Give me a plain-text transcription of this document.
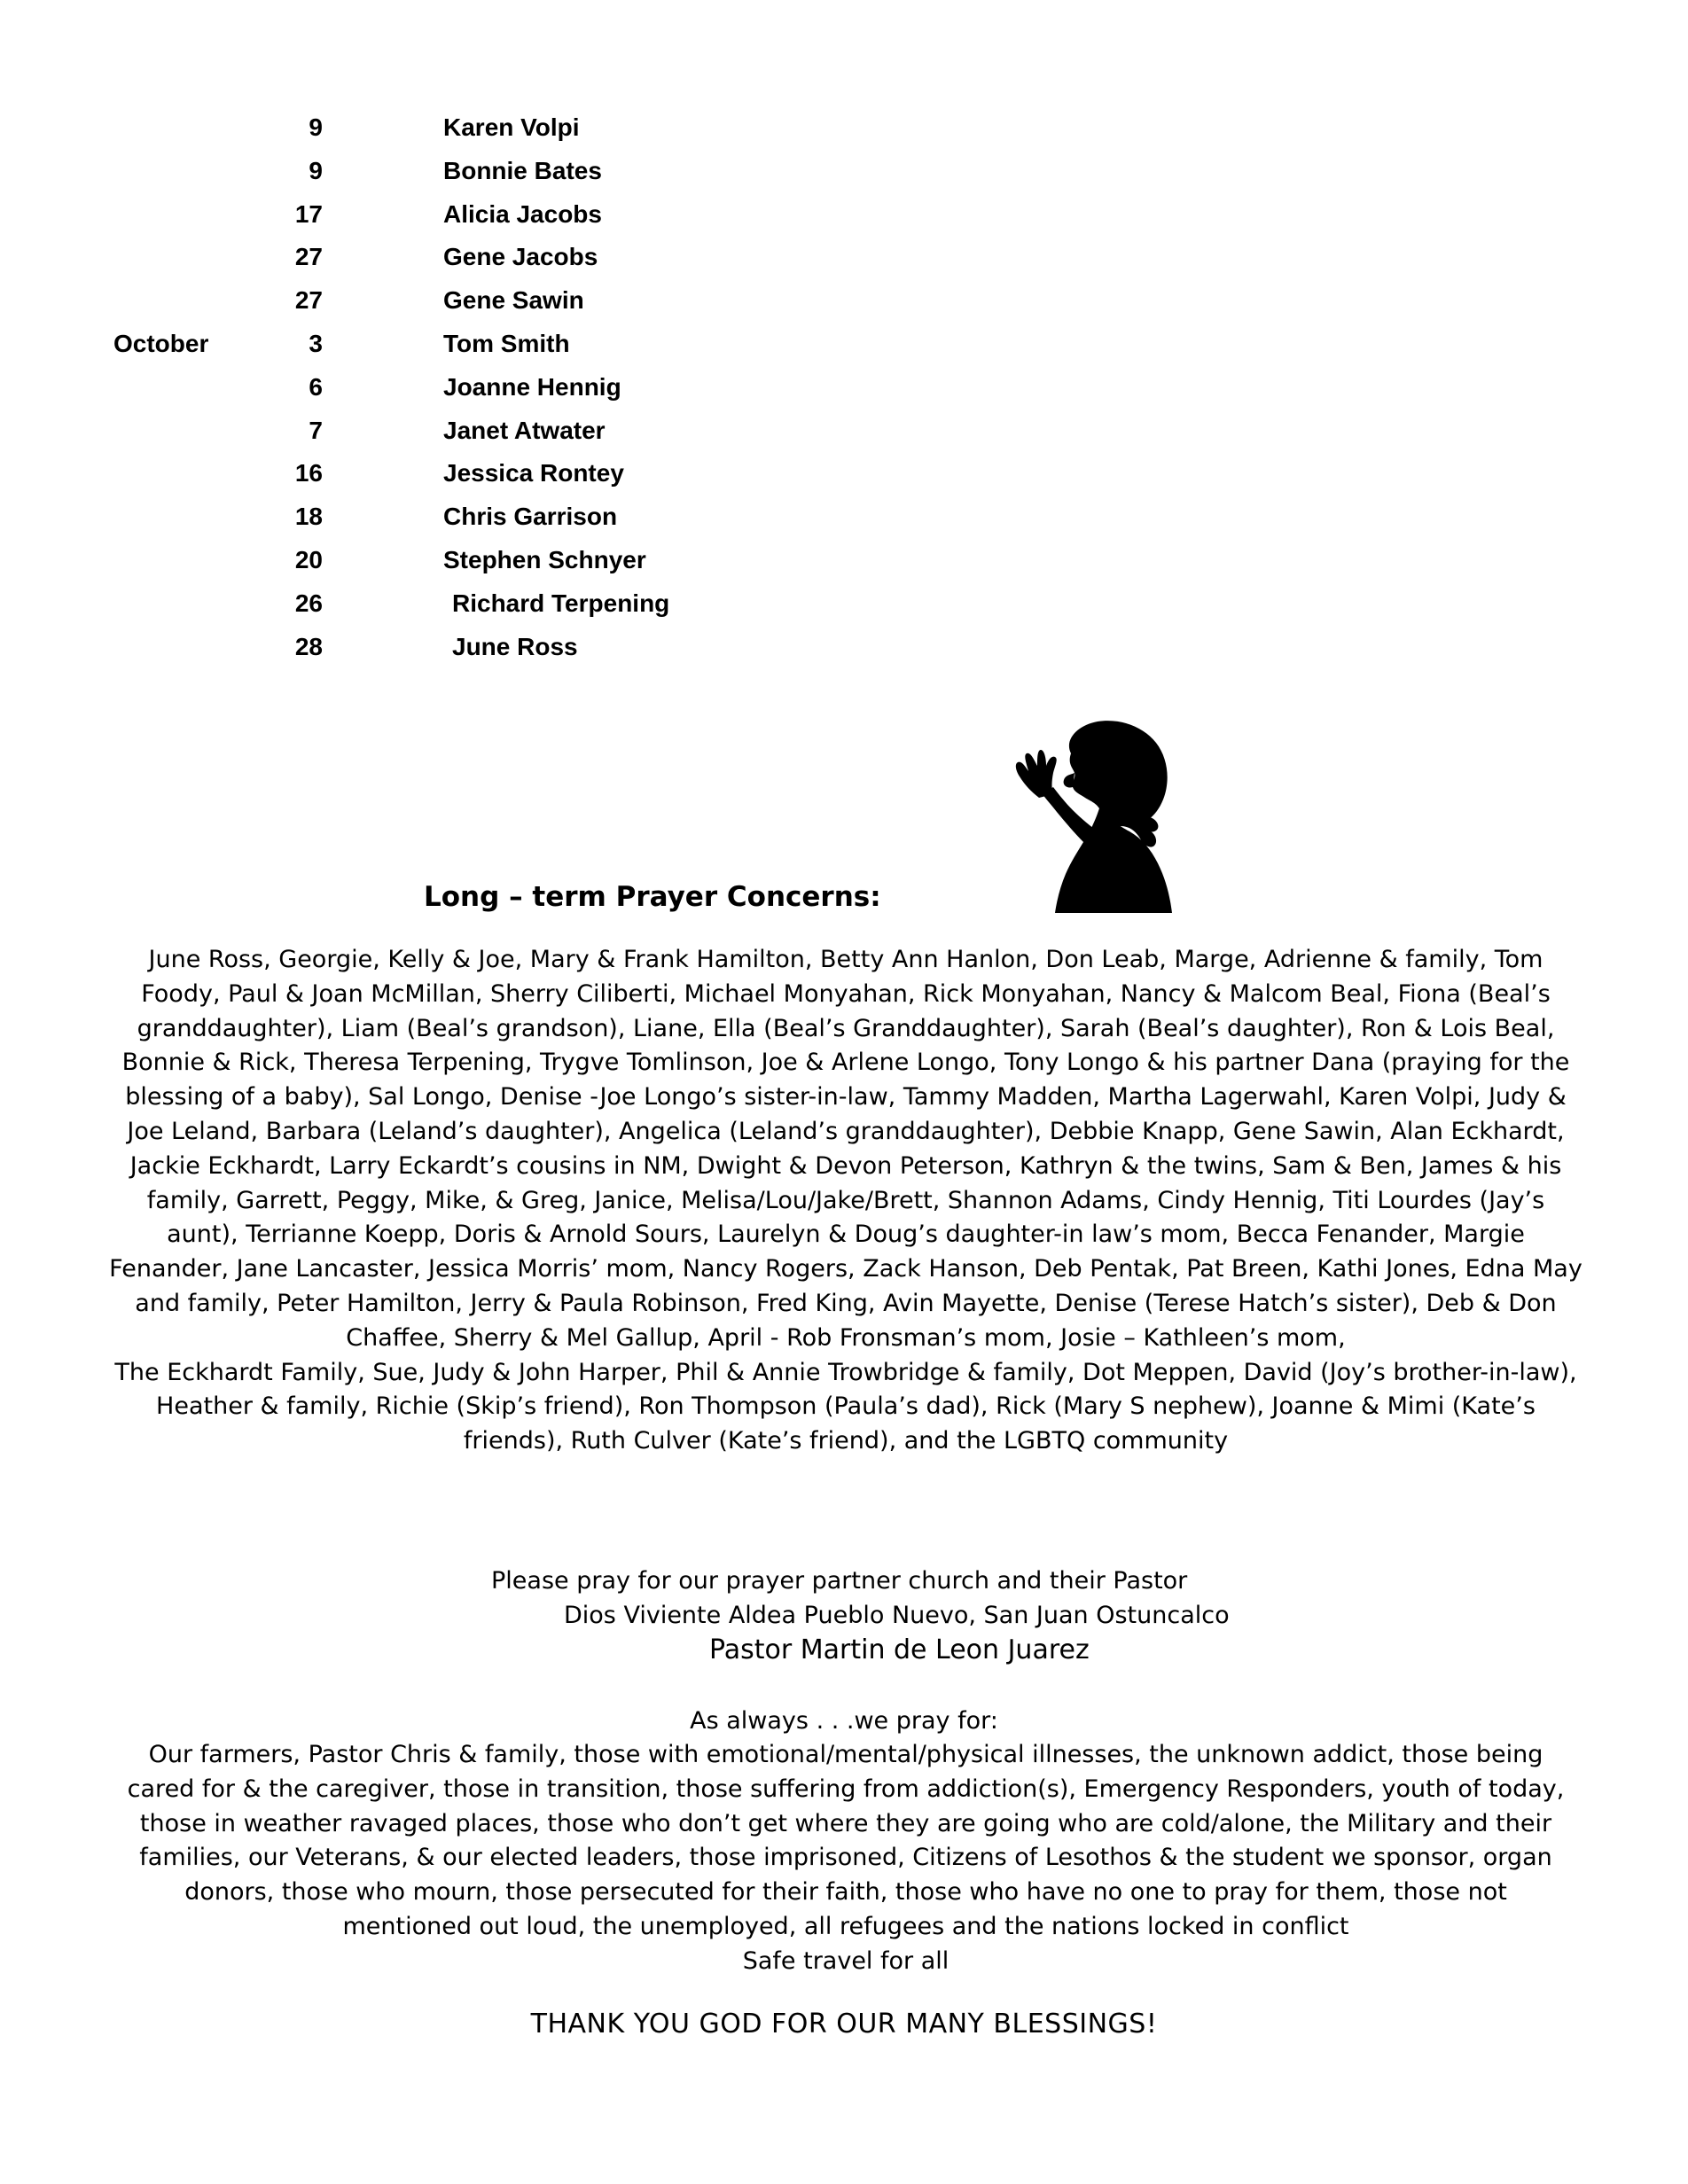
9	Karen Volpi
9	Bonnie Bates
17	Alicia Jacobs
27	Gene Jacobs
27	Gene Sawin
October	3	Tom Smith
6	Joanne Hennig
7	Janet Atwater
16	Jessica Rontey
18	Chris Garrison
20	Stephen Schnyer
26	Richard Terpening
28	June Ross
Long – term Prayer Concerns:

June Ross, Georgie, Kelly & Joe, Mary & Frank Hamilton, Betty Ann Hanlon, Don Leab, Marge, Adrienne & family, Tom Foody, Paul & Joan McMillan, Sherry Ciliberti, Michael Monyahan, Rick Monyahan, Nancy & Malcom Beal, Fiona (Beal’s granddaughter), Liam (Beal’s grandson), Liane, Ella (Beal’s Granddaughter), Sarah (Beal’s daughter), Ron & Lois Beal, Bonnie & Rick, Theresa Terpening, Trygve Tomlinson, Joe & Arlene Longo, Tony Longo & his partner Dana (praying for the blessing of a baby), Sal Longo, Denise -Joe Longo’s sister-in-law, Tammy Madden, Martha Lagerwahl, Karen Volpi, Judy & Joe Leland, Barbara (Leland’s daughter), Angelica (Leland’s granddaughter), Debbie Knapp, Gene Sawin, Alan Eckhardt, Jackie Eckhardt, Larry Eckardt’s cousins in NM, Dwight & Devon Peterson, Kathryn & the twins, Sam & Ben, James & his family, Garrett, Peggy, Mike, & Greg, Janice, Melisa/Lou/Jake/Brett, Shannon Adams, Cindy Hennig, Titi Lourdes (Jay’s aunt), Terrianne Koepp, Doris & Arnold Sours, Laurelyn & Doug’s daughter-in law’s mom, Becca Fenander, Margie Fenander, Jane Lancaster, Jessica Morris’ mom, Nancy Rogers, Zack Hanson, Deb Pentak, Pat Breen, Kathi Jones, Edna May and family, Peter Hamilton, Jerry & Paula Robinson, Fred King, Avin Mayette, Denise (Terese Hatch’s sister), Deb & Don Chaffee, Sherry & Mel Gallup, April - Rob Fronsman’s mom, Josie – Kathleen’s mom,

The Eckhardt Family, Sue, Judy & John Harper, Phil & Annie Trowbridge & family, Dot Meppen, David (Joy’s brother-in-law), Heather & family, Richie (Skip’s friend), Ron Thompson (Paula’s dad), Rick (Mary S nephew), Joanne & Mimi (Kate’s friends), Ruth Culver (Kate’s friend), and the LGBTQ community

Please pray for our prayer partner church and their Pastor
Dios Viviente Aldea Pueblo Nuevo, San Juan Ostuncalco
Pastor Martin de Leon Juarez
As always . . .we pray for:
Our farmers, Pastor Chris & family, those with emotional/mental/physical illnesses, the unknown addict, those being cared for & the caregiver, those in transition, those suffering from addiction(s), Emergency Responders, youth of today, those in weather ravaged places, those who don’t get where they are going who are cold/alone, the Military and their families, our Veterans, & our elected leaders, those imprisoned, Citizens of Lesothos & the student we sponsor, organ donors, those who mourn, those persecuted for their faith, those who have no one to pray for them, those not mentioned out loud, the unemployed, all refugees and the nations locked in conflict
Safe travel for all
THANK YOU GOD FOR OUR MANY BLESSINGS!
